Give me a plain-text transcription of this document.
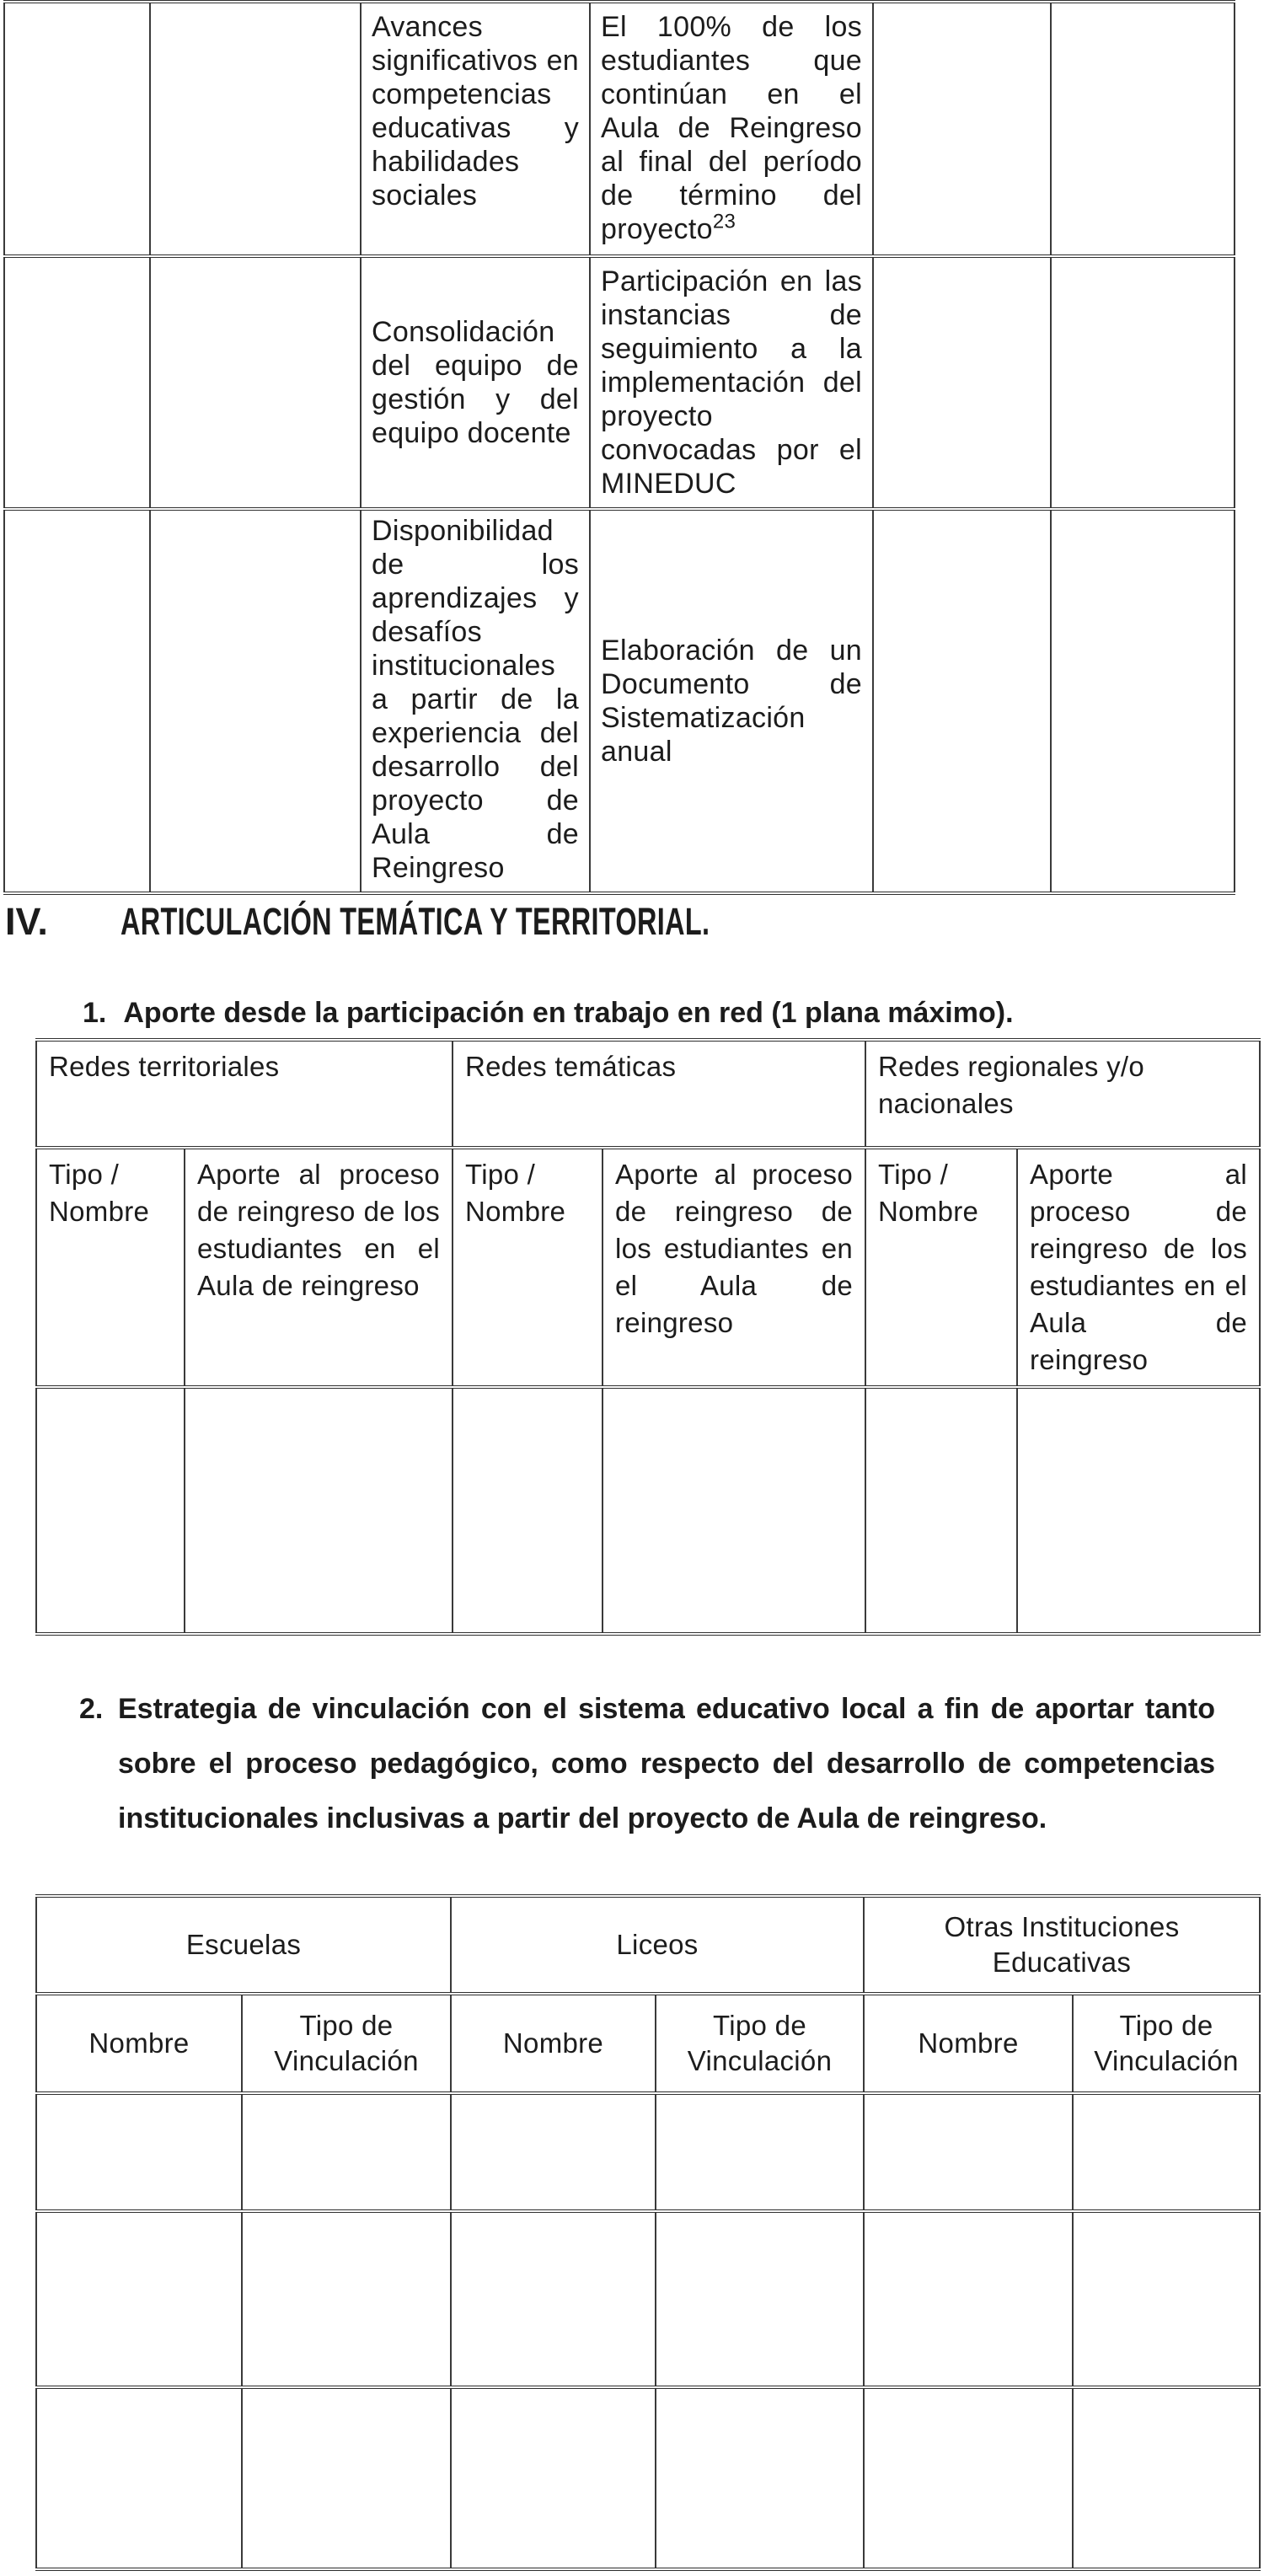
		Avances significativos en competencias educativas y habilidades sociales	El 100% de los estudiantes que continúan en el Aula de Reingreso al final del período de término del proyecto$^{23}$		
		Consolidación del equipo de gestión y del equipo docente	Participación en las instancias de seguimiento a la implementación del proyecto convocadas por el MINEDUC		
		Disponibilidad de los aprendizajes y desafíos institucionales a partir de la experiencia del desarrollo del proyecto de Aula de Reingreso	Elaboración de un Documento de Sistematización anual		
IV. ARTICULACIÓN TEMÁTICA Y TERRITORIAL.
1. Aporte desde la participación en trabajo en red (1 plana máximo).
Redes territoriales		Redes temáticas		Redes regionales y/o nacionales	
Tipo / Nombre	Aporte al proceso de reingreso de los estudiantes en el Aula de reingreso	Tipo / Nombre	Aporte al proceso de reingreso de los estudiantes en el Aula de reingreso	Tipo / Nombre	Aporte al proceso de reingreso de los estudiantes en el Aula de reingreso

2. Estrategia de vinculación con el sistema educativo local a fin de aportar tanto sobre el proceso pedagógico, como respecto del desarrollo de competencias institucionales inclusivas a partir del proyecto de Aula de reingreso.
Escuelas		Liceos		Otras Instituciones Educativas	
Nombre	Tipo de Vinculación	Nombre	Tipo de Vinculación	Nombre	Tipo de Vinculación
